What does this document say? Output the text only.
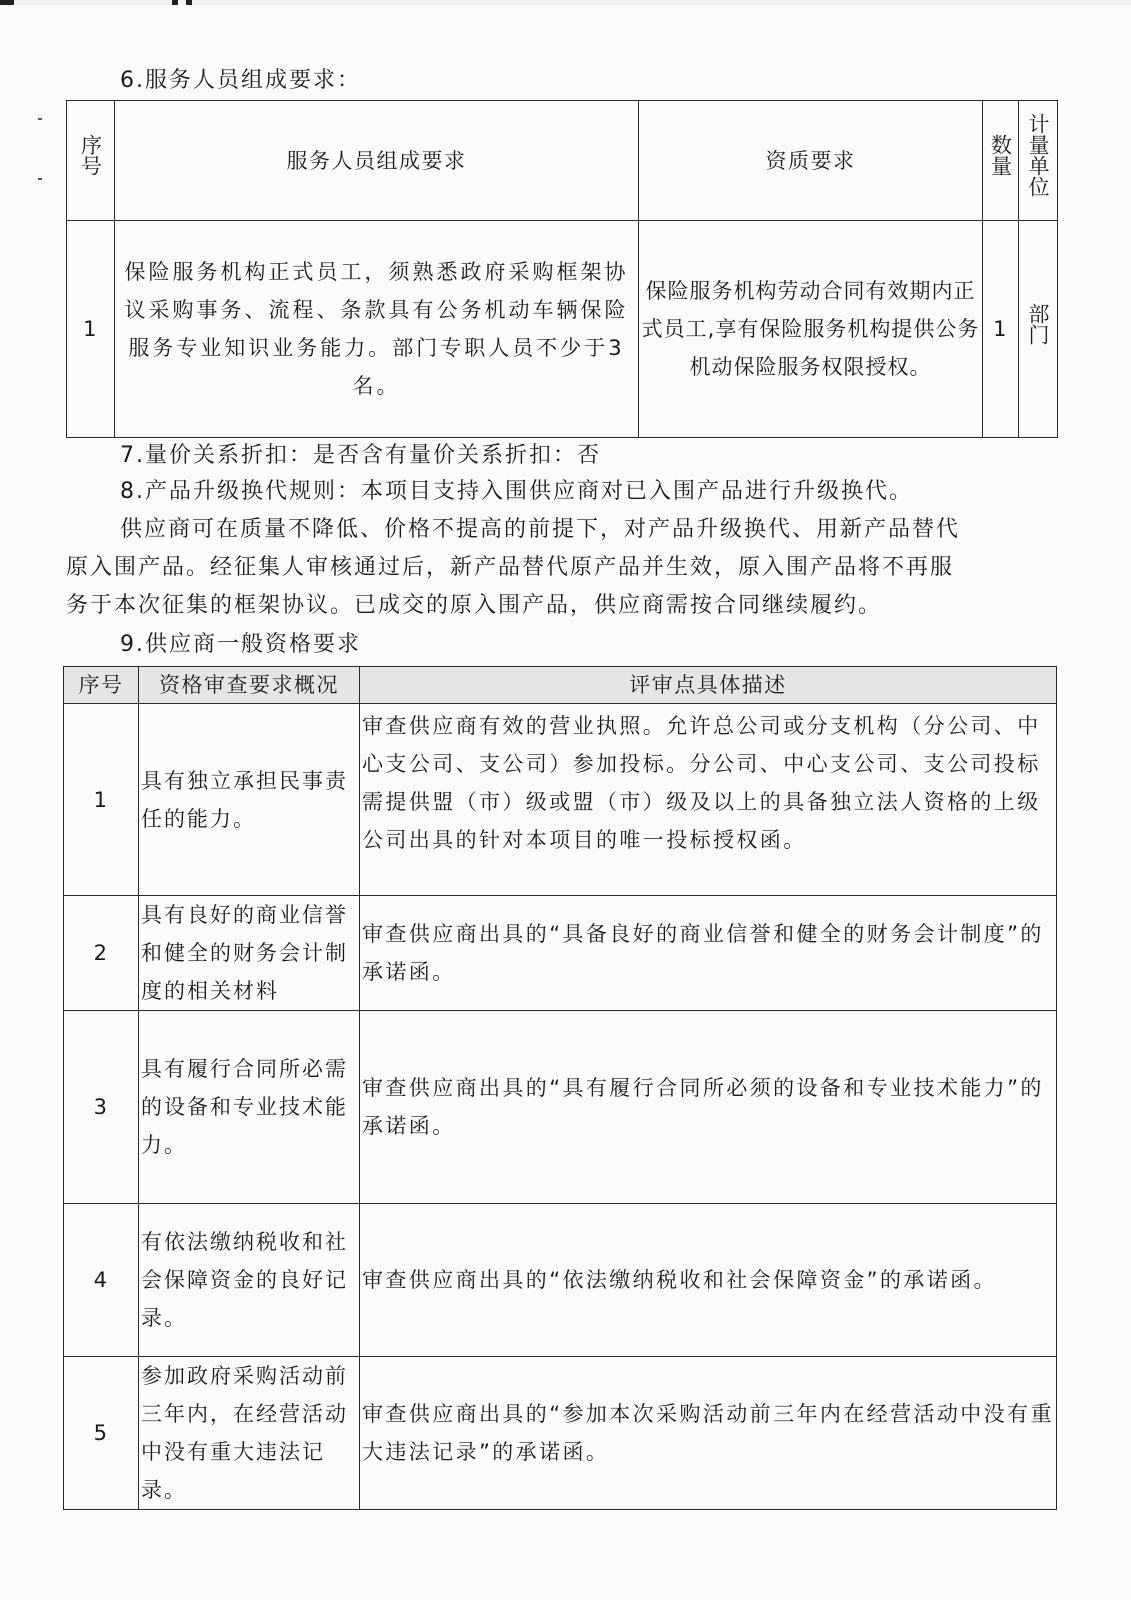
6.服务人员组成要求：
序号	服务人员组成要求	资质要求	数量	计量单位
1	保险服务机构正式员工，须熟悉政府采购框架协议采购事务、流程、条款具有公务机动车辆保险服务专业知识业务能力。部门专职人员不少于3名。	保险服务机构劳动合同有效期内正式员工,享有保险服务机构提供公务机动保险服务权限授权。	1	部门
7.量价关系折扣：是否含有量价关系折扣：否
8.产品升级换代规则：本项目支持入围供应商对已入围产品进行升级换代。
供应商可在质量不降低、价格不提高的前提下，对产品升级换代、用新产品替代
原入围产品。经征集人审核通过后，新产品替代原产品并生效，原入围产品将不再服
务于本次征集的框架协议。已成交的原入围产品，供应商需按合同继续履约。
9.供应商一般资格要求
序号	资格审查要求概况	评审点具体描述
1	具有独立承担民事责任的能力。	审查供应商有效的营业执照。允许总公司或分支机构（分公司、中心支公司、支公司）参加投标。分公司、中心支公司、支公司投标需提供盟（市）级或盟（市）级及以上的具备独立法人资格的上级公司出具的针对本项目的唯一投标授权函。
2	具有良好的商业信誉和健全的财务会计制度的相关材料	审查供应商出具的“具备良好的商业信誉和健全的财务会计制度”的承诺函。
3	具有履行合同所必需的设备和专业技术能力。	审查供应商出具的“具有履行合同所必须的设备和专业技术能力”的承诺函。
4	有依法缴纳税收和社会保障资金的良好记录。	审查供应商出具的“依法缴纳税收和社会保障资金”的承诺函。
5	参加政府采购活动前三年内，在经营活动中没有重大违法记录。	审查供应商出具的“参加本次采购活动前三年内在经营活动中没有重大违法记录”的承诺函。
